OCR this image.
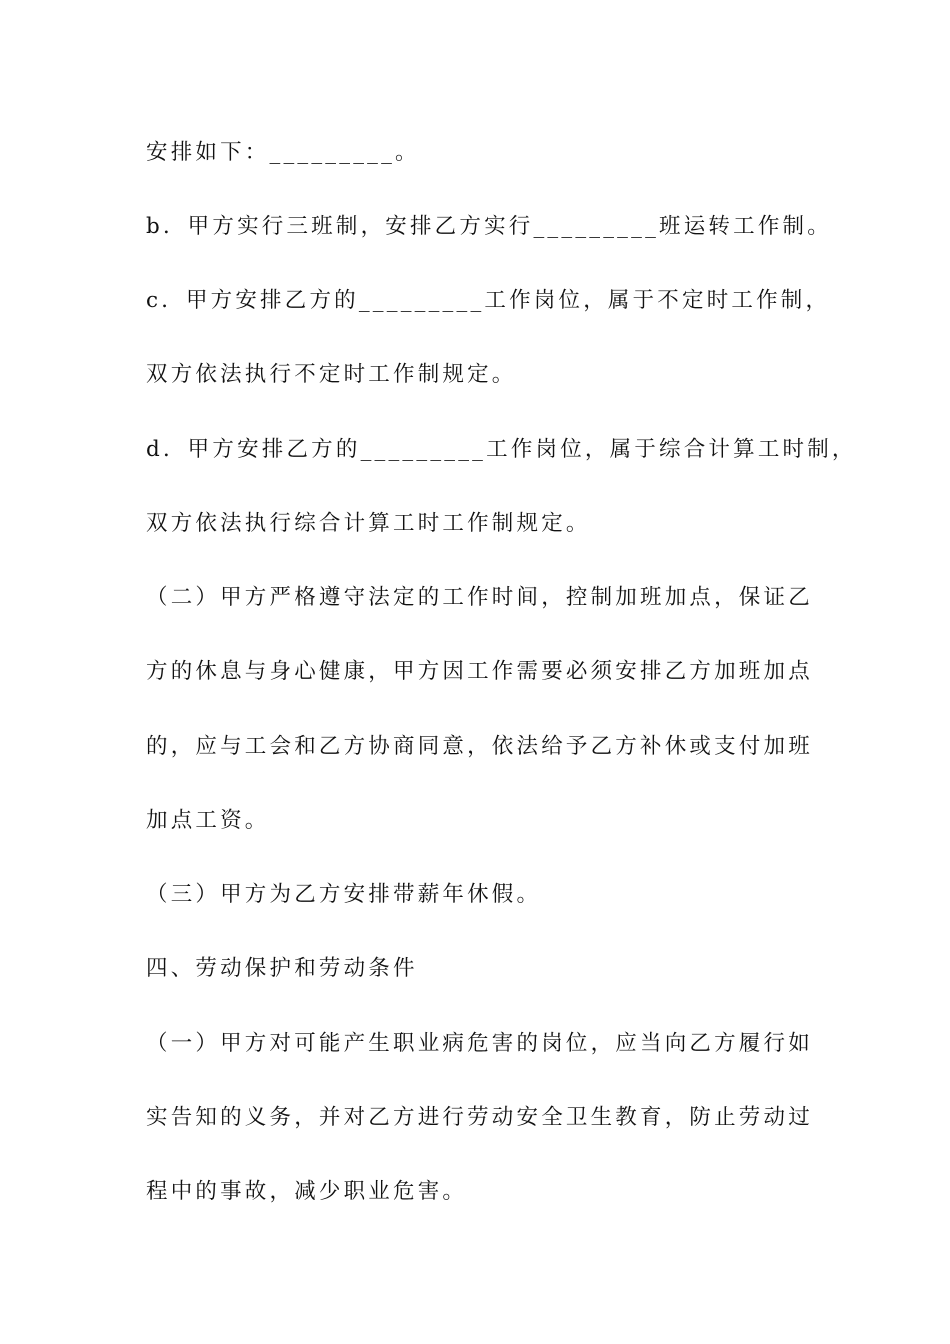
安排如下：_________。
b．甲方实行三班制，安排乙方实行_________班运转工作制。
c．甲方安排乙方的_________工作岗位，属于不定时工作制，
双方依法执行不定时工作制规定。
d．甲方安排乙方的_________工作岗位，属于综合计算工时制，
双方依法执行综合计算工时工作制规定。
（二）甲方严格遵守法定的工作时间，控制加班加点，保证乙
方的休息与身心健康，甲方因工作需要必须安排乙方加班加点
的，应与工会和乙方协商同意，依法给予乙方补休或支付加班
加点工资。
（三）甲方为乙方安排带薪年休假。
四、劳动保护和劳动条件
（一）甲方对可能产生职业病危害的岗位，应当向乙方履行如
实告知的义务，并对乙方进行劳动安全卫生教育，防止劳动过
程中的事故，减少职业危害。
